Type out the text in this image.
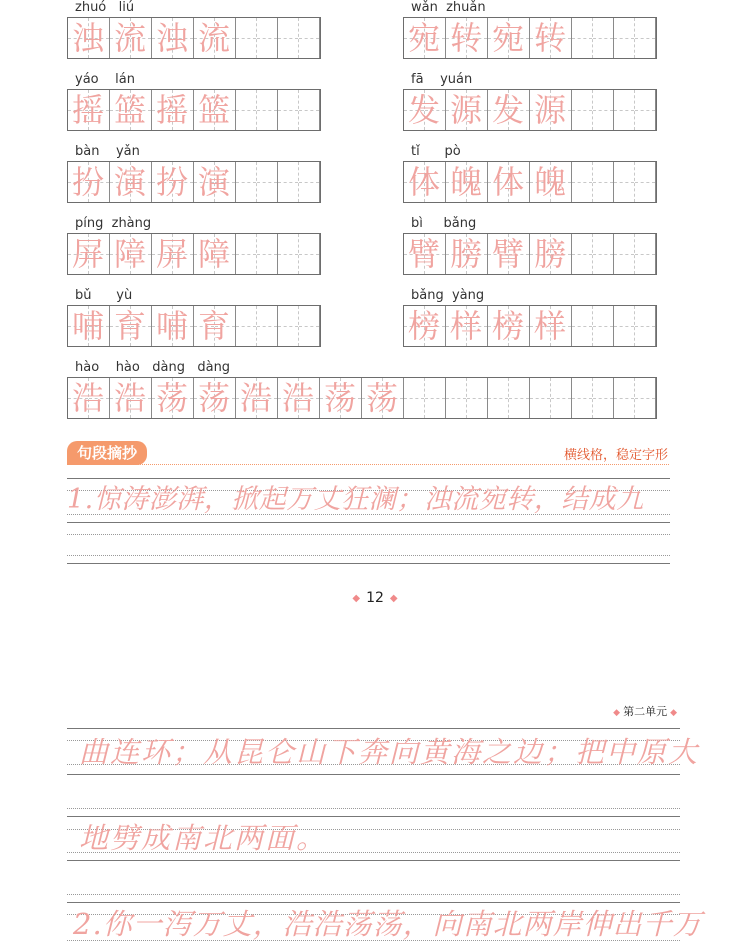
zhuó   liú
浊 流 浊 流
wǎn  zhuǎn
宛 转 宛 转
yáo    lán
摇 篮 摇 篮
fā    yuán
发 源 发 源
bàn    yǎn
扮 演 扮 演
tǐ      pò
体 魄 体 魄
píng  zhàng
屏 障 屏 障
bì     bǎng
臂 膀 臂 膀
bǔ      yù
哺 育 哺 育
bǎng  yàng
榜 样 榜 样
hào    hào   dàng   dàng
浩 浩 荡 荡 浩 浩 荡 荡
句段摘抄	横线格，稳定字形
1.惊涛澎湃，掀起万丈狂澜；浊流宛转，结成九
◆ 12 ◆
◆ 第二单元 ◆
曲连环；从昆仑山下奔向黄海之边；把中原大
地劈成南北两面。
2.你一泻万丈，浩浩荡荡，向南北两岸伸出千万
